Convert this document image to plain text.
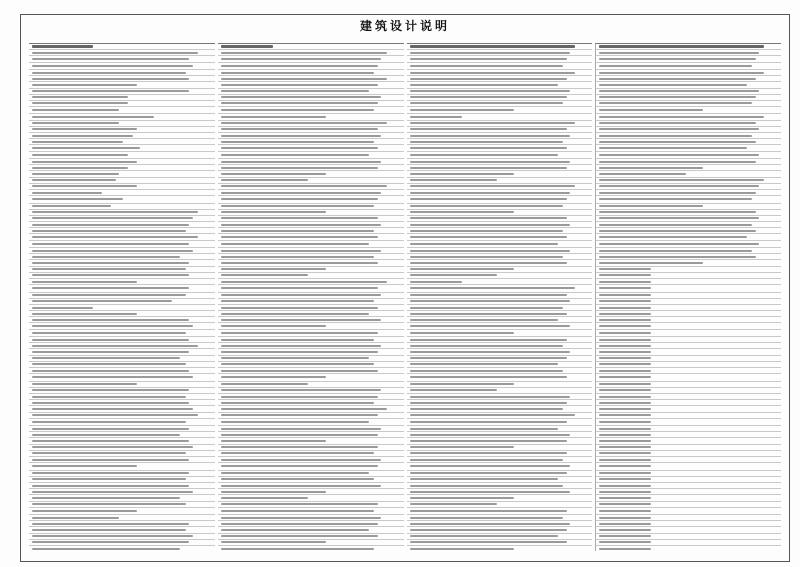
建筑设计说明
